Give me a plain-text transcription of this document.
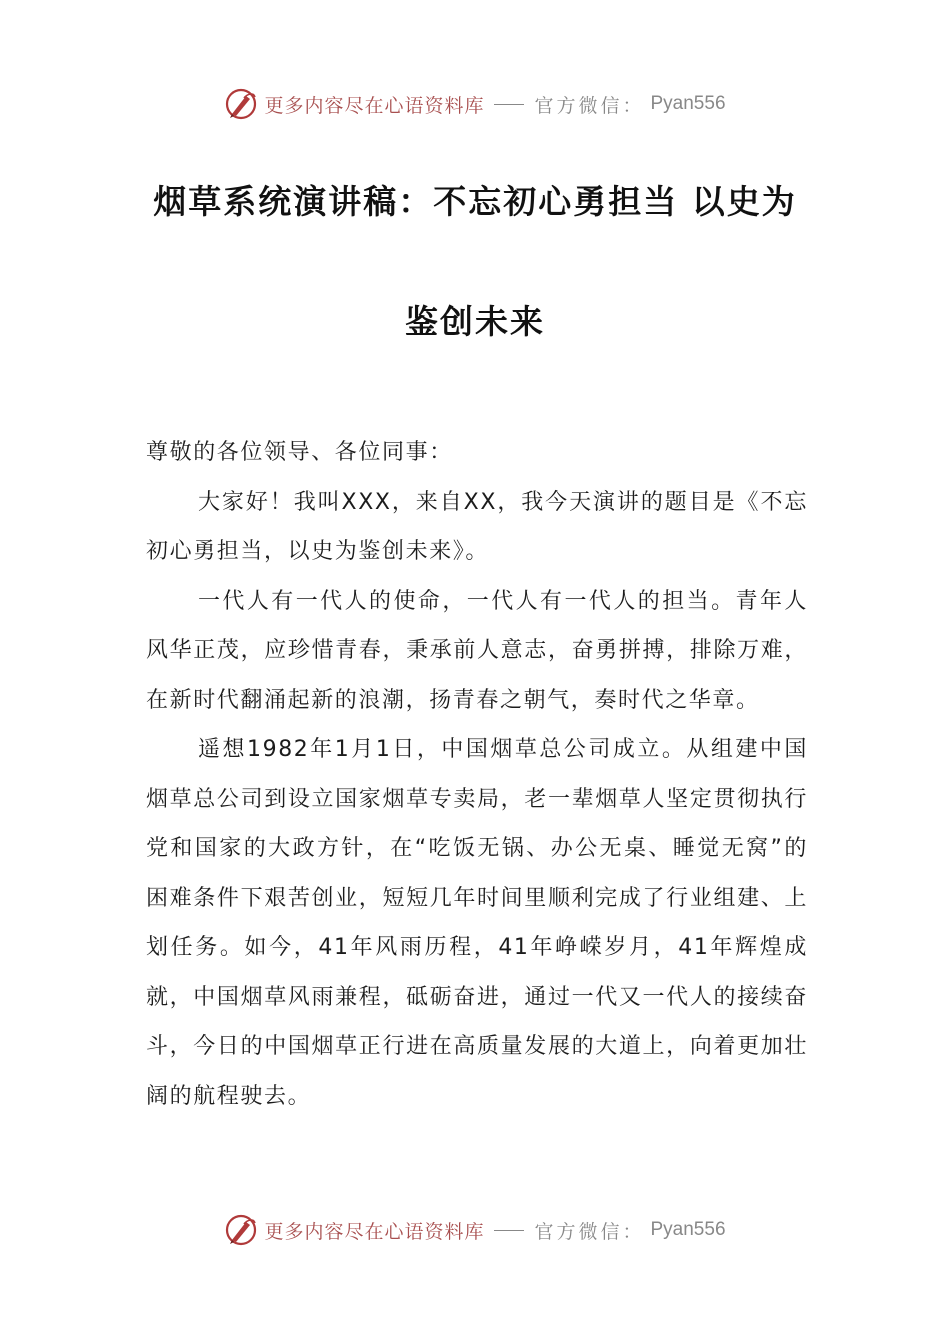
更多内容尽在心语资料库	官方微信： Pyan556
烟草系统演讲稿：不忘初心勇担当 以史为
鉴创未来

尊敬的各位领导、各位同事：

大家好！我叫XXX，来自XX，我今天演讲的题目是《不忘初心勇担当，以史为鉴创未来》。

一代人有一代人的使命，一代人有一代人的担当。青年人风华正茂，应珍惜青春，秉承前人意志，奋勇拼搏，排除万难，在新时代翻涌起新的浪潮，扬青春之朝气，奏时代之华章。

遥想1982年1月1日，中国烟草总公司成立。从组建中国烟草总公司到设立国家烟草专卖局，老一辈烟草人坚定贯彻执行党和国家的大政方针，在“吃饭无锅、办公无桌、睡觉无窝”的困难条件下艰苦创业，短短几年时间里顺利完成了行业组建、上划任务。如今，41年风雨历程，41年峥嵘岁月，41年辉煌成就，中国烟草风雨兼程，砥砺奋进，通过一代又一代人的接续奋斗，今日的中国烟草正行进在高质量发展的大道上，向着更加壮阔的航程驶去。

更多内容尽在心语资料库	官方微信： Pyan556
